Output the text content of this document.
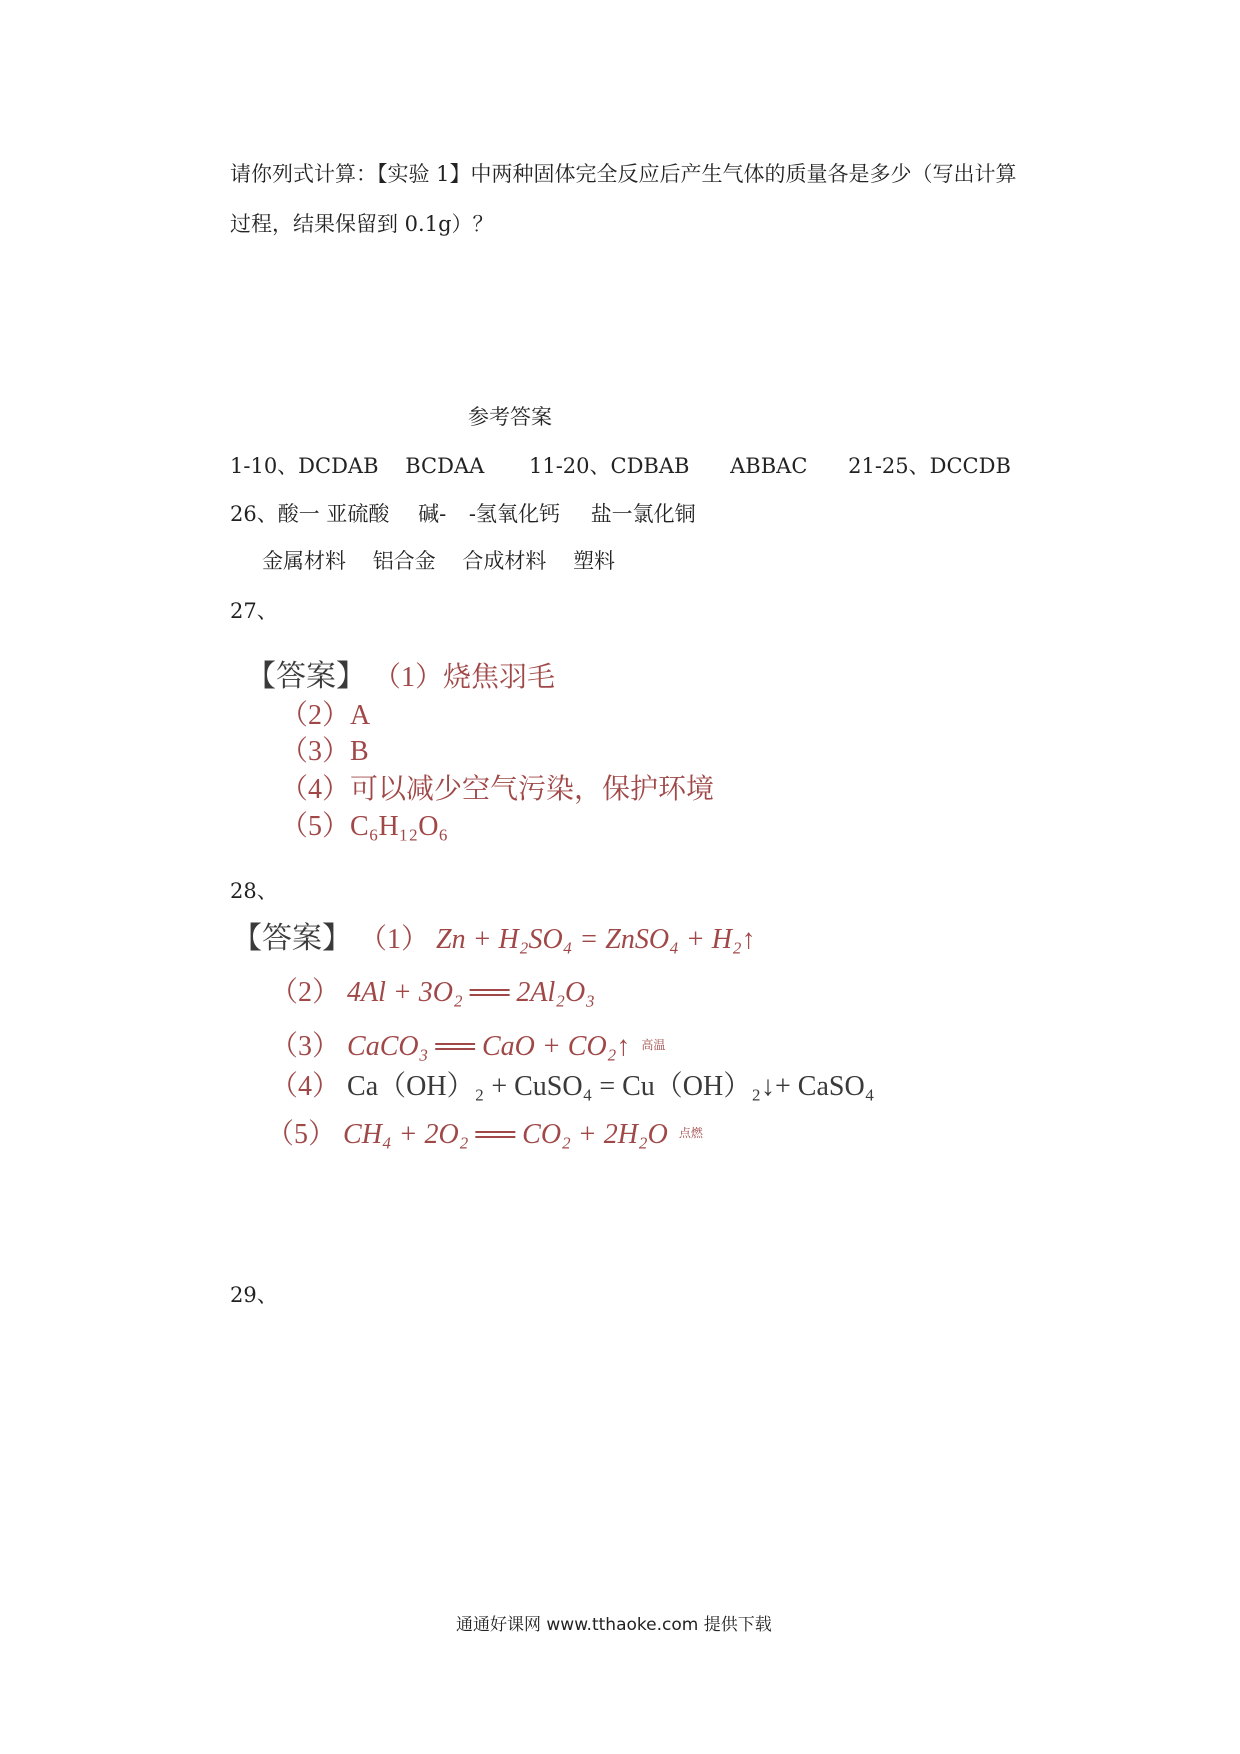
请你列式计算：【实验 1】中两种固体完全反应后产生气体的质量各是多少（写出计算
过程，结果保留到 0.1g）？
参考答案
1-10、DCDAB BCDAA 11-20、CDBAB ABBAC 21-25、DCCDB
26、酸一 亚硫酸 碱- -氢氧化钙 盐一氯化铜
金属材料 铝合金 合成材料 塑料
27、
【答案】 （1）烧焦羽毛
（2）A
（3）B
（4）可以减少空气污染，保护环境
（5）C₆H₁₂O₆
28、
【答案】 （1） Zn + H₂SO₄ = ZnSO₄ + H₂↑
（2） 4Al + 3O₂ ══ 2Al₂O₃
（3） CaCO₃ ══ CaO + CO₂↑ 高温
（4） Ca（OH）₂ + CuSO₄ = Cu（OH）₂↓+ CaSO₄
（5） CH₄ + 2O₂ ══ CO₂ + 2H₂O 点燃
29、
通通好课网 www.tthaoke.com 提供下载
